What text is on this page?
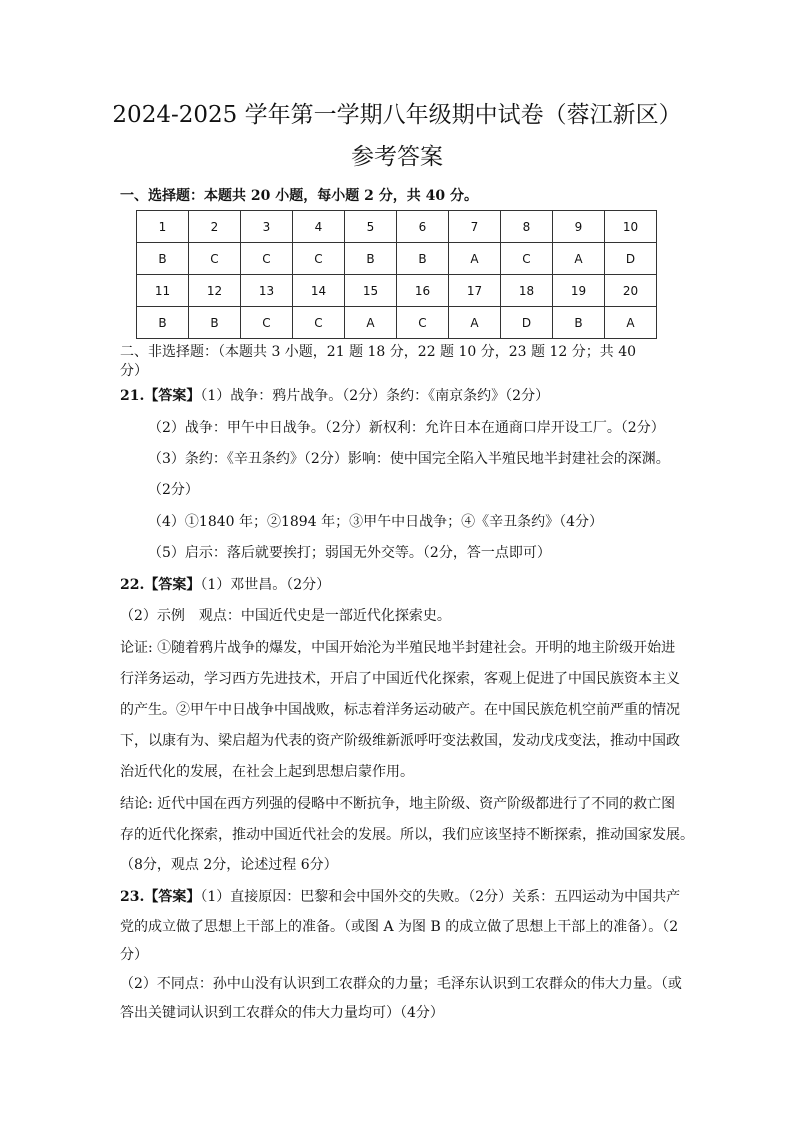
2024-2025 学年第一学期八年级期中试卷（蓉江新区）
参考答案
一、选择题：本题共 20 小题，每小题 2 分，共 40 分。
1	2	3	4	5	6	7	8	9	10
B	C	C	C	B	B	A	C	A	D
11	12	13	14	15	16	17	18	19	20
B	B	C	C	A	C	A	D	B	A
二、非选择题：（本题共 3 小题，21 题 18 分，22 题 10 分，23 题 12 分；共 40
分）
21.【答案】（1）战争：鸦片战争。（2分）条约：《南京条约》（2分）
（2）战争：甲午中日战争。（2分）新权利：允许日本在通商口岸开设工厂。（2分）
（3）条约：《辛丑条约》（2分）影响：使中国完全陷入半殖民地半封建社会的深渊。
（2分）
（4）①1840 年；②1894 年；③甲午中日战争；④《辛丑条约》（4分）
（5）启示：落后就要挨打；弱国无外交等。（2分，答一点即可）
22.【答案】（1）邓世昌。（2分）
（2）示例　观点：中国近代史是一部近代化探索史。
论证: ①随着鸦片战争的爆发，中国开始沦为半殖民地半封建社会。开明的地主阶级开始进
行洋务运动，学习西方先进技术，开启了中国近代化探索，客观上促进了中国民族资本主义
的产生。②甲午中日战争中国战败，标志着洋务运动破产。在中国民族危机空前严重的情况
下，以康有为、梁启超为代表的资产阶级维新派呼吁变法救国，发动戊戌变法，推动中国政
治近代化的发展，在社会上起到思想启蒙作用。
结论: 近代中国在西方列强的侵略中不断抗争，地主阶级、资产阶级都进行了不同的救亡图
存的近代化探索，推动中国近代社会的发展。所以，我们应该坚持不断探索，推动国家发展。
（8分，观点 2分，论述过程 6分）
23.【答案】（1）直接原因：巴黎和会中国外交的失败。（2分）关系：五四运动为中国共产
党的成立做了思想上干部上的准备。（或图 A 为图 B 的成立做了思想上干部上的准备）。（2
分）
（2）不同点：孙中山没有认识到工农群众的力量；毛泽东认识到工农群众的伟大力量。（或
答出关键词认识到工农群众的伟大力量均可）（4分）
